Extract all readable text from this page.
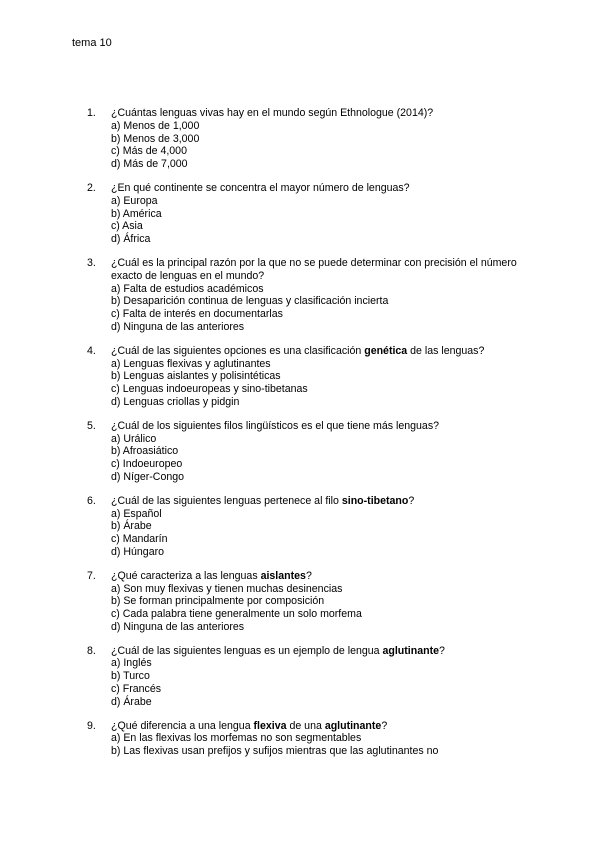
tema 10
1.	¿Cuántas lenguas vivas hay en el mundo según Ethnologue (2014)?
a) Menos de 1,000
b) Menos de 3,000
c) Más de 4,000
d) Más de 7,000
2.	¿En qué continente se concentra el mayor número de lenguas?
a) Europa
b) América
c) Asia
d) África
3.	¿Cuál es la principal razón por la que no se puede determinar con precisión el número exacto de lenguas en el mundo?
a) Falta de estudios académicos
b) Desaparición continua de lenguas y clasificación incierta
c) Falta de interés en documentarlas
d) Ninguna de las anteriores
4.	¿Cuál de las siguientes opciones es una clasificación genética de las lenguas?
a) Lenguas flexivas y aglutinantes
b) Lenguas aislantes y polisintéticas
c) Lenguas indoeuropeas y sino-tibetanas
d) Lenguas criollas y pidgin
5.	¿Cuál de los siguientes filos lingüísticos es el que tiene más lenguas?
a) Urálico
b) Afroasiático
c) Indoeuropeo
d) Níger-Congo
6.	¿Cuál de las siguientes lenguas pertenece al filo sino-tibetano?
a) Español
b) Árabe
c) Mandarín
d) Húngaro
7.	¿Qué caracteriza a las lenguas aislantes?
a) Son muy flexivas y tienen muchas desinencias
b) Se forman principalmente por composición
c) Cada palabra tiene generalmente un solo morfema
d) Ninguna de las anteriores
8.	¿Cuál de las siguientes lenguas es un ejemplo de lengua aglutinante?
a) Inglés
b) Turco
c) Francés
d) Árabe
9.	¿Qué diferencia a una lengua flexiva de una aglutinante?
a) En las flexivas los morfemas no son segmentables
b) Las flexivas usan prefijos y sufijos mientras que las aglutinantes no
